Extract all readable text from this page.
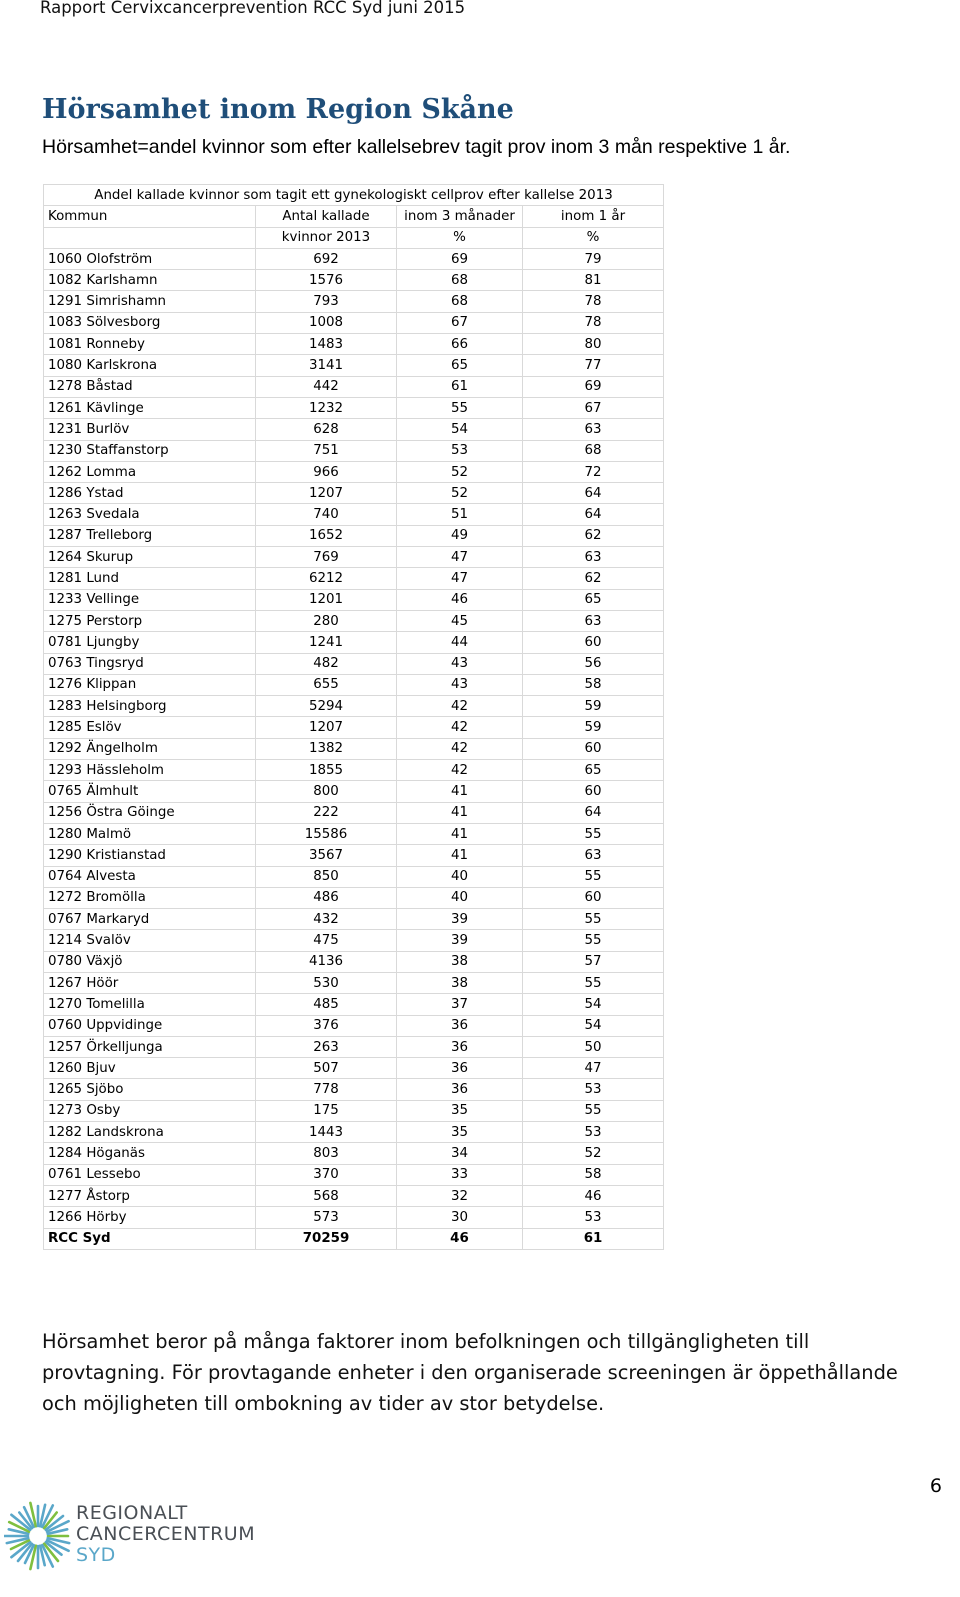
Rapport Cervixcancerprevention RCC Syd juni 2015
Hörsamhet inom Region Skåne
Hörsamhet=andel kvinnor som efter kallelsebrev tagit prov inom 3 mån respektive 1 år.
Andel kallade kvinnor som tagit ett gynekologiskt cellprov efter kallelse 2013			
Kommun	Antal kallade	inom 3 månader	inom 1 år
	kvinnor 2013	%	%
1060 Olofström	692	69	79
1082 Karlshamn	1576	68	81
1291 Simrishamn	793	68	78
1083 Sölvesborg	1008	67	78
1081 Ronneby	1483	66	80
1080 Karlskrona	3141	65	77
1278 Båstad	442	61	69
1261 Kävlinge	1232	55	67
1231 Burlöv	628	54	63
1230 Staffanstorp	751	53	68
1262 Lomma	966	52	72
1286 Ystad	1207	52	64
1263 Svedala	740	51	64
1287 Trelleborg	1652	49	62
1264 Skurup	769	47	63
1281 Lund	6212	47	62
1233 Vellinge	1201	46	65
1275 Perstorp	280	45	63
0781 Ljungby	1241	44	60
0763 Tingsryd	482	43	56
1276 Klippan	655	43	58
1283 Helsingborg	5294	42	59
1285 Eslöv	1207	42	59
1292 Ängelholm	1382	42	60
1293 Hässleholm	1855	42	65
0765 Älmhult	800	41	60
1256 Östra Göinge	222	41	64
1280 Malmö	15586	41	55
1290 Kristianstad	3567	41	63
0764 Alvesta	850	40	55
1272 Bromölla	486	40	60
0767 Markaryd	432	39	55
1214 Svalöv	475	39	55
0780 Växjö	4136	38	57
1267 Höör	530	38	55
1270 Tomelilla	485	37	54
0760 Uppvidinge	376	36	54
1257 Örkelljunga	263	36	50
1260 Bjuv	507	36	47
1265 Sjöbo	778	36	53
1273 Osby	175	35	55
1282 Landskrona	1443	35	53
1284 Höganäs	803	34	52
0761 Lessebo	370	33	58
1277 Åstorp	568	32	46
1266 Hörby	573	30	53
RCC Syd	70259	46	61

Hörsamhet beror på många faktorer inom befolkningen och tillgängligheten till provtagning. För provtagande enheter i den organiserade screeningen är öppethållande och möjligheten till ombokning av tider av stor betydelse.

6
REGIONALT
CANCERCENTRUM
SYD
